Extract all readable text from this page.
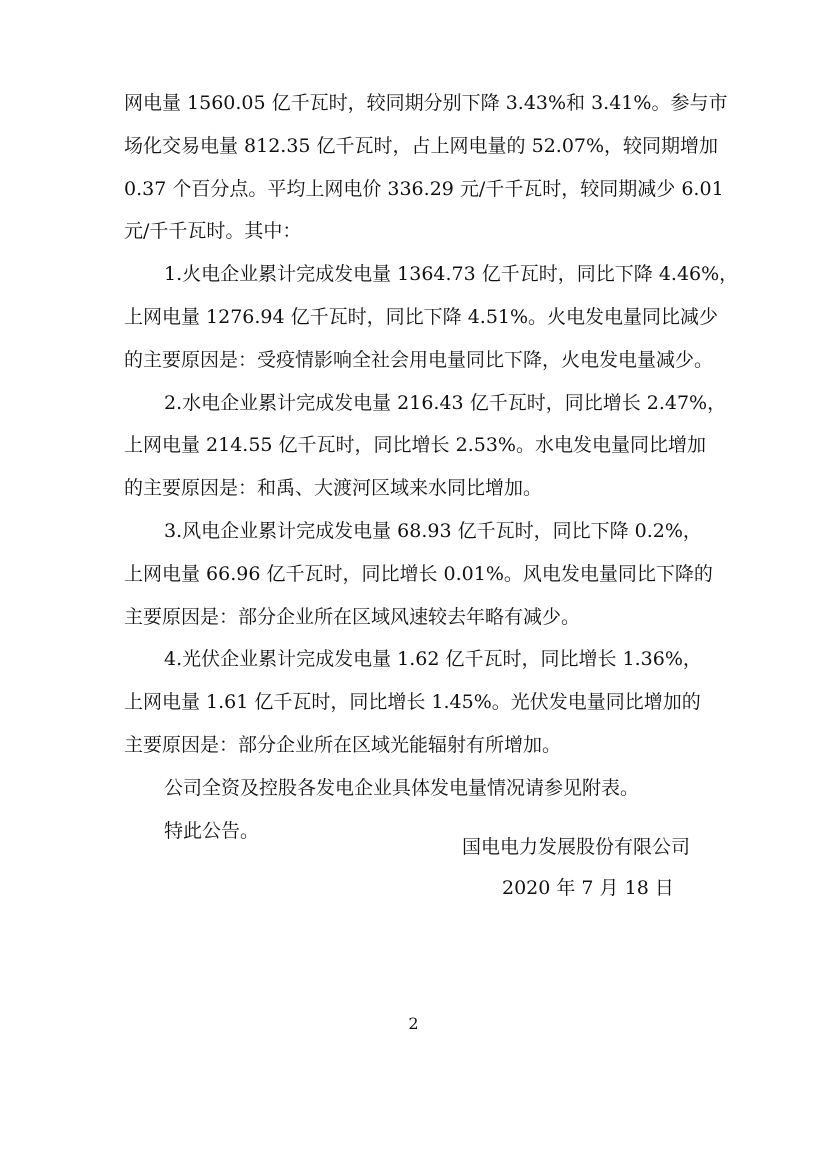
网电量 1560.05 亿千瓦时，较同期分别下降 3.43%和 3.41%。参与市
场化交易电量 812.35 亿千瓦时，占上网电量的 52.07%，较同期增加
0.37 个百分点。平均上网电价 336.29 元/千千瓦时，较同期减少 6.01
元/千千瓦时。其中：
1.火电企业累计完成发电量 1364.73 亿千瓦时，同比下降 4.46%，
上网电量 1276.94 亿千瓦时，同比下降 4.51%。火电发电量同比减少
的主要原因是：受疫情影响全社会用电量同比下降，火电发电量减少。
2.水电企业累计完成发电量 216.43 亿千瓦时，同比增长 2.47%，
上网电量 214.55 亿千瓦时，同比增长 2.53%。水电发电量同比增加
的主要原因是：和禹、大渡河区域来水同比增加。
3.风电企业累计完成发电量 68.93 亿千瓦时，同比下降 0.2%，
上网电量 66.96 亿千瓦时，同比增长 0.01%。风电发电量同比下降的
主要原因是：部分企业所在区域风速较去年略有减少。
4.光伏企业累计完成发电量 1.62 亿千瓦时，同比增长 1.36%，
上网电量 1.61 亿千瓦时，同比增长 1.45%。光伏发电量同比增加的
主要原因是：部分企业所在区域光能辐射有所增加。
公司全资及控股各发电企业具体发电量情况请参见附表。
特此公告。
国电电力发展股份有限公司
2020 年 7 月 18 日
2
